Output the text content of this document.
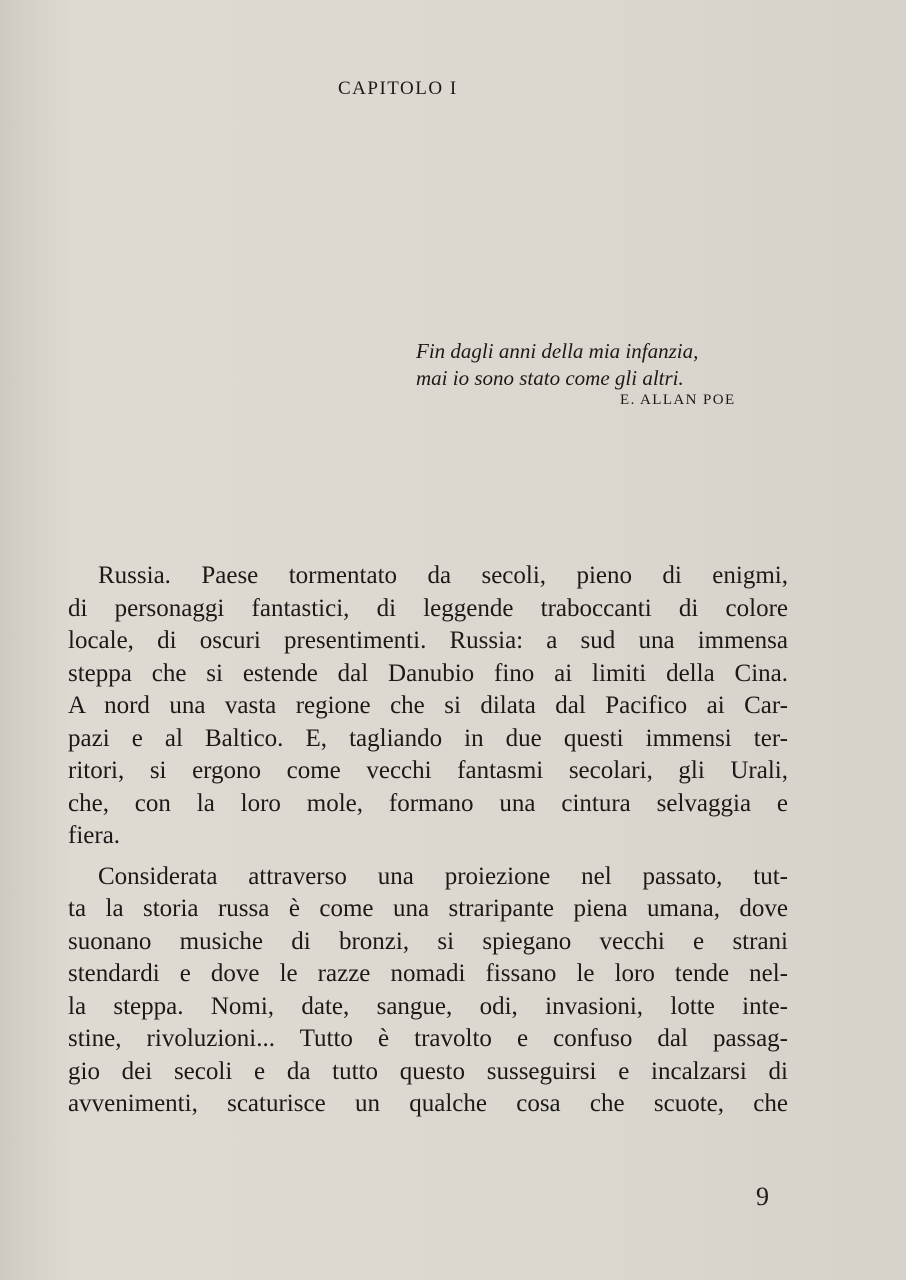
CAPITOLO I
Fin dagli anni della mia infanzia,
mai io sono stato come gli altri.
E. ALLAN POE

Russia. Paese tormentato da secoli, pieno di enigmi,
di personaggi fantastici, di leggende traboccanti di colore
locale, di oscuri presentimenti. Russia: a sud una immensa
steppa che si estende dal Danubio fino ai limiti della Cina.
A nord una vasta regione che si dilata dal Pacifico ai Car-
pazi e al Baltico. E, tagliando in due questi immensi ter-
ritori, si ergono come vecchi fantasmi secolari, gli Urali,
che, con la loro mole, formano una cintura selvaggia e
fiera.

Considerata attraverso una proiezione nel passato, tut-
ta la storia russa è come una straripante piena umana, dove
suonano musiche di bronzi, si spiegano vecchi e strani
stendardi e dove le razze nomadi fissano le loro tende nel-
la steppa. Nomi, date, sangue, odi, invasioni, lotte inte-
stine, rivoluzioni... Tutto è travolto e confuso dal passag-
gio dei secoli e da tutto questo susseguirsi e incalzarsi di
avvenimenti, scaturisce un qualche cosa che scuote, che

9
